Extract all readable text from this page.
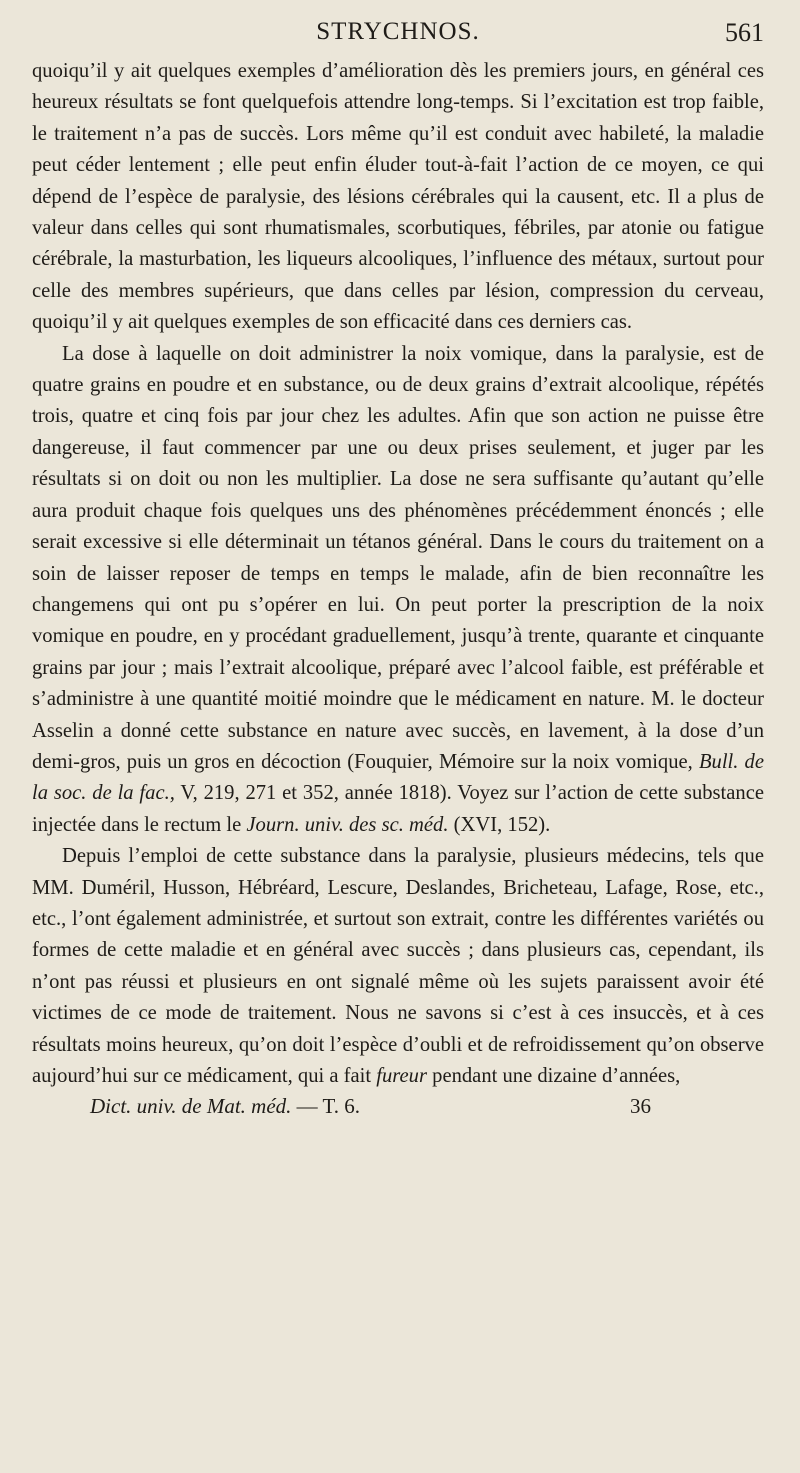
STRYCHNOS.	561

quoiqu’il y ait quelques exemples d’amélioration dès les premiers jours, en général ces heureux résultats se font quelquefois attendre long-temps. Si l’excitation est trop faible, le traitement n’a pas de succès. Lors même qu’il est conduit avec habileté, la maladie peut céder lentement ; elle peut enfin éluder tout-à-fait l’action de ce moyen, ce qui dépend de l’espèce de paralysie, des lésions cérébrales qui la causent, etc. Il a plus de valeur dans celles qui sont rhumatismales, scorbutiques, fébriles, par atonie ou fatigue cérébrale, la masturbation, les liqueurs alcooliques, l’influence des métaux, surtout pour celle des membres supérieurs, que dans celles par lésion, compression du cerveau, quoiqu’il y ait quelques exemples de son efficacité dans ces derniers cas.

La dose à laquelle on doit administrer la noix vomique, dans la paralysie, est de quatre grains en poudre et en substance, ou de deux grains d’extrait alcoolique, répétés trois, quatre et cinq fois par jour chez les adultes. Afin que son action ne puisse être dangereuse, il faut commencer par une ou deux prises seulement, et juger par les résultats si on doit ou non les multiplier. La dose ne sera suffisante qu’autant qu’elle aura produit chaque fois quelques uns des phénomènes précédemment énoncés ; elle serait excessive si elle déterminait un tétanos général. Dans le cours du traitement on a soin de laisser reposer de temps en temps le malade, afin de bien reconnaître les changemens qui ont pu s’opérer en lui. On peut porter la prescription de la noix vomique en poudre, en y procédant graduellement, jusqu’à trente, quarante et cinquante grains par jour ; mais l’extrait alcoolique, préparé avec l’alcool faible, est préférable et s’administre à une quantité moitié moindre que le médicament en nature. M. le docteur Asselin a donné cette substance en nature avec succès, en lavement, à la dose d’un demi-gros, puis un gros en décoction (Fouquier, Mémoire sur la noix vomique, Bull. de la soc. de la fac., V, 219, 271 et 352, année 1818). Voyez sur l’action de cette substance injectée dans le rectum le Journ. univ. des sc. méd. (XVI, 152).

Depuis l’emploi de cette substance dans la paralysie, plusieurs médecins, tels que MM. Duméril, Husson, Hébréard, Lescure, Deslandes, Bricheteau, Lafage, Rose, etc., etc., l’ont également administrée, et surtout son extrait, contre les différentes variétés ou formes de cette maladie et en général avec succès ; dans plusieurs cas, cependant, ils n’ont pas réussi et plusieurs en ont signalé même où les sujets paraissent avoir été victimes de ce mode de traitement. Nous ne savons si c’est à ces insuccès, et à ces résultats moins heureux, qu’on doit l’espèce d’oubli et de refroidissement qu’on observe aujourd’hui sur ce médicament, qui a fait fureur pendant une dizaine d’années,

Dict. univ. de Mat. méd. — T. 6.	36
